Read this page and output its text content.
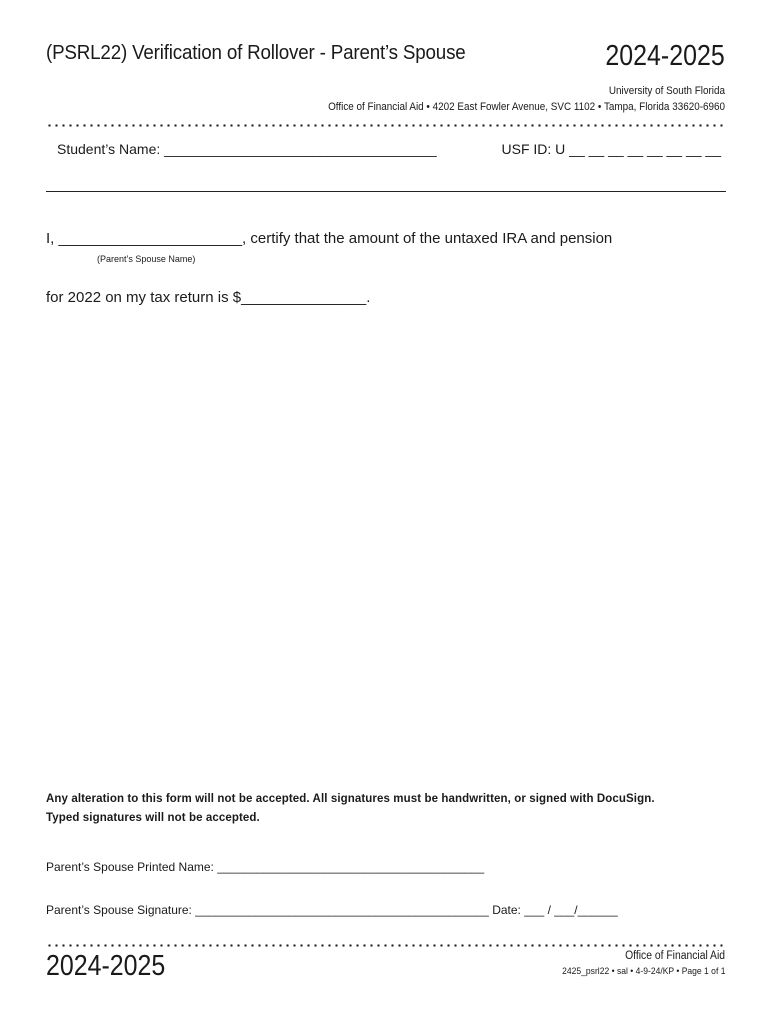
(PSRL22) Verification of Rollover - Parent’s Spouse	2024-2025
University of South Florida
Office of Financial Aid • 4202 East Fowler Avenue, SVC 1102 • Tampa, Florida 33620-6960
Student’s Name: ___________________________________	USF ID: U __ __ __ __ __ __ __ __
I, ______________________, certify that the amount of the untaxed IRA and pension
(Parent’s Spouse Name)
for 2022 on my tax return is $_______________.
Any alteration to this form will not be accepted. All signatures must be handwritten, or signed with DocuSign.
Typed signatures will not be accepted.
Parent’s Spouse Printed Name: ________________________________________
Parent’s Spouse Signature: ____________________________________________ Date: ___ / ___/______
2024-2025	Office of Financial Aid
2425_psrl22 • sal • 4-9-24/KP • Page 1 of 1
